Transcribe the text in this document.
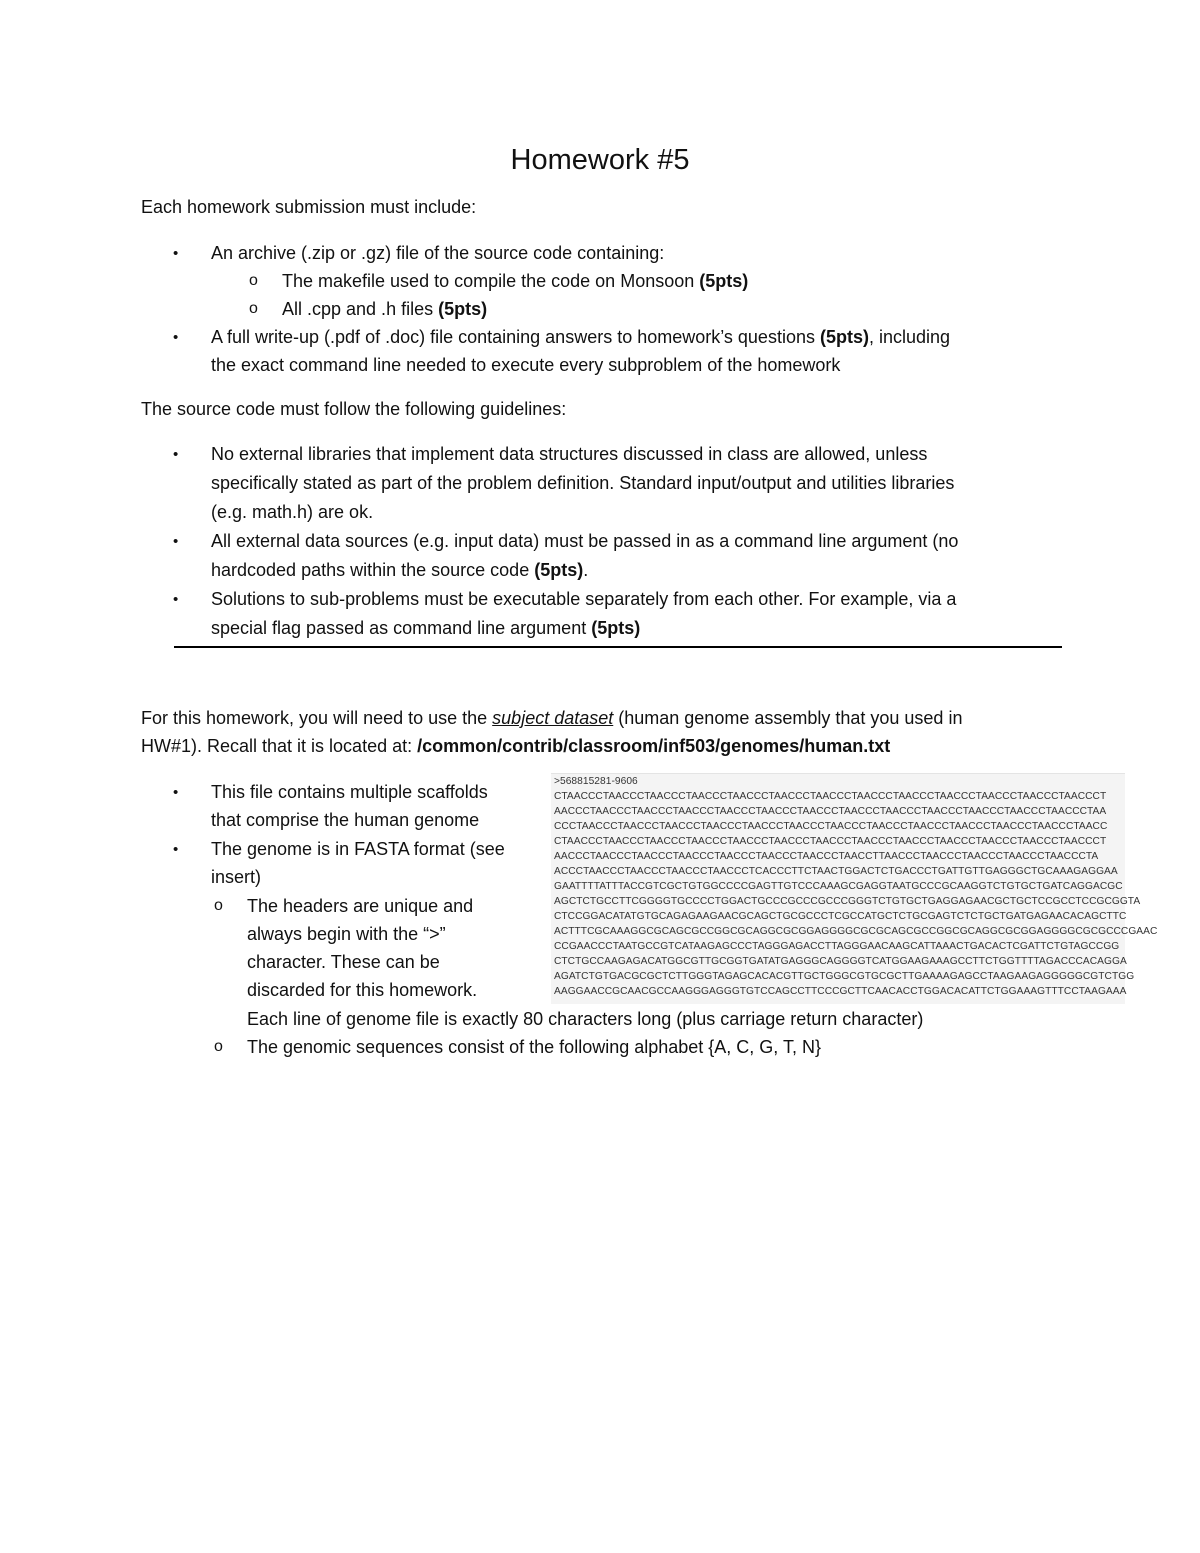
Homework #5
Each homework submission must include:
• An archive (.zip or .gz) file of the source code containing:
o The makefile used to compile the code on Monsoon (5pts)
o All .cpp and .h files (5pts)
• A full write-up (.pdf of .doc) file containing answers to homework’s questions (5pts), including
the exact command line needed to execute every subproblem of the homework
The source code must follow the following guidelines:
• No external libraries that implement data structures discussed in class are allowed, unless
specifically stated as part of the problem definition. Standard input/output and utilities libraries
(e.g. math.h) are ok.
• All external data sources (e.g. input data) must be passed in as a command line argument (no
hardcoded paths within the source code (5pts).
• Solutions to sub-problems must be executable separately from each other. For example, via a
special flag passed as command line argument (5pts)
For this homework, you will need to use the subject dataset (human genome assembly that you used in
HW#1). Recall that it is located at: /common/contrib/classroom/inf503/genomes/human.txt
• This file contains multiple scaffolds
that comprise the human genome
• The genome is in FASTA format (see
insert)
o The headers are unique and
always begin with the “>”
character. These can be
discarded for this homework.
Each line of genome file is exactly 80 characters long (plus carriage return character)
o The genomic sequences consist of the following alphabet {A, C, G, T, N}
>568815281-9606
CTAACCCTAACCCTAACCCTAACCCTAACCCTAACCCTAACCCTAACCCTAACCCTAACCCTAACCCTAACCCTAACCCT
AACCCTAACCCTAACCCTAACCCTAACCCTAACCCTAACCCTAACCCTAACCCTAACCCTAACCCTAACCCTAACCCTAA
CCCTAACCCTAACCCTAACCCTAACCCTAACCCTAACCCTAACCCTAACCCTAACCCTAACCCTAACCCTAACCCTAACC
CTAACCCTAACCCTAACCCTAACCCTAACCCTAACCCTAACCCTAACCCTAACCCTAACCCTAACCCTAACCCTAACCCT
AACCCTAACCCTAACCCTAACCCTAACCCTAACCCTAACCCTAACCTTAACCCTAACCCTAACCCTAACCCTAACCCTA
ACCCTAACCCTAACCCTAACCCTAACCCTCACCCTTCTAACTGGACTCTGACCCTGATTGTTGAGGGCTGCAAAGAGGAA
GAATTTTATTTACCGTCGCTGTGGCCCCGAGTTGTCCCAAAGCGAGGTAATGCCCGCAAGGTCTGTGCTGATCAGGACGC
AGCTCTGCCTTCGGGGTGCCCCTGGACTGCCCGCCCGCCCGGGTCTGTGCTGAGGAGAACGCTGCTCCGCCTCCGCGGTA
CTCCGGACATATGTGCAGAGAAGAACGCAGCTGCGCCCTCGCCATGCTCTGCGAGTCTCTGCTGATGAGAACACAGCTTC
ACTTTCGCAAAGGCGCAGCGCCGGCGCAGGCGCGGAGGGGCGCGCAGCGCCGGCGCAGGCGCGGAGGGGCGCGCCCGAAC
CCGAACCCTAATGCCGTCATAAGAGCCCTAGGGAGACCTTAGGGAACAAGCATTAAACTGACACTCGATTCTGTAGCCGG
CTCTGCCAAGAGACATGGCGTTGCGGTGATATGAGGGCAGGGGTCATGGAAGAAAGCCTTCTGGTTTTAGACCCACAGGA
AGATCTGTGACGCGCTCTTGGGTAGAGCACACGTTGCTGGGCGTGCGCTTGAAAAGAGCCTAAGAAGAGGGGGCGTCTGG
AAGGAACCGCAACGCCAAGGGAGGGTGTCCAGCCTTCCCGCTTCAACACCTGGACACATTCTGGAAAGTTTCCTAAGAAA
